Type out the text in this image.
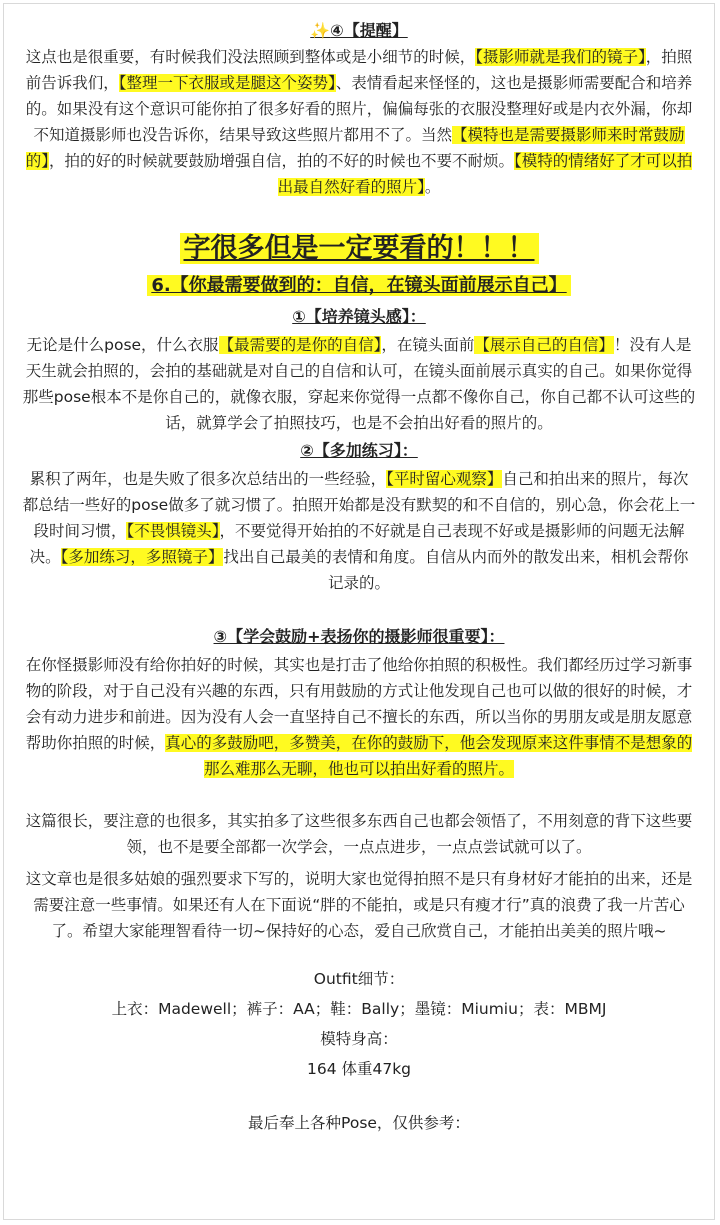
✨④【提醒】

这点也是很重要，有时候我们没法照顾到整体或是小细节的时候，【摄影师就是我们的镜子】，拍照前告诉我们，【整理一下衣服或是腿这个姿势】、表情看起来怪怪的，这也是摄影师需要配合和培养的。如果没有这个意识可能你拍了很多好看的照片，偏偏每张的衣服没整理好或是内衣外漏，你却不知道摄影师也没告诉你，结果导致这些照片都用不了。当然【模特也是需要摄影师来时常鼓励的】，拍的好的时候就要鼓励增强自信，拍的不好的时候也不要不耐烦。【模特的情绪好了才可以拍出最自然好看的照片】。

字很多但是一定要看的！！！
6.【你最需要做到的：自信，在镜头面前展示自己】
①【培养镜头感】：

无论是什么pose，什么衣服【最需要的是你的自信】，在镜头面前【展示自己的自信】！没有人是天生就会拍照的，会拍的基础就是对自己的自信和认可，在镜头面前展示真实的自己。如果你觉得那些pose根本不是你自己的，就像衣服，穿起来你觉得一点都不像你自己，你自己都不认可这些的话，就算学会了拍照技巧，也是不会拍出好看的照片的。

②【多加练习】：

累积了两年，也是失败了很多次总结出的一些经验，【平时留心观察】自己和拍出来的照片，每次都总结一些好的pose做多了就习惯了。拍照开始都是没有默契的和不自信的，别心急，你会花上一段时间习惯，【不畏惧镜头】，不要觉得开始拍的不好就是自己表现不好或是摄影师的问题无法解决。【多加练习，多照镜子】找出自己最美的表情和角度。自信从内而外的散发出来，相机会帮你记录的。

③【学会鼓励+表扬你的摄影师很重要】：

在你怪摄影师没有给你拍好的时候，其实也是打击了他给你拍照的积极性。我们都经历过学习新事物的阶段，对于自己没有兴趣的东西，只有用鼓励的方式让他发现自己也可以做的很好的时候，才会有动力进步和前进。因为没有人会一直坚持自己不擅长的东西，所以当你的男朋友或是朋友愿意帮助你拍照的时候，真心的多鼓励吧，多赞美，在你的鼓励下，他会发现原来这件事情不是想象的那么难那么无聊，他也可以拍出好看的照片。

这篇很长，要注意的也很多，其实拍多了这些很多东西自己也都会领悟了，不用刻意的背下这些要领，也不是要全部都一次学会，一点点进步，一点点尝试就可以了。

这文章也是很多姑娘的强烈要求下写的，说明大家也觉得拍照不是只有身材好才能拍的出来，还是需要注意一些事情。如果还有人在下面说“胖的不能拍，或是只有瘦才行”真的浪费了我一片苦心了。希望大家能理智看待一切~保持好的心态，爱自己欣赏自己，才能拍出美美的照片哦~

Outfit细节：

上衣：Madewell；裤子：AA；鞋：Bally；墨镜：Miumiu；表：MBMJ

模特身高：

164 体重47kg

最后奉上各种Pose，仅供参考：
